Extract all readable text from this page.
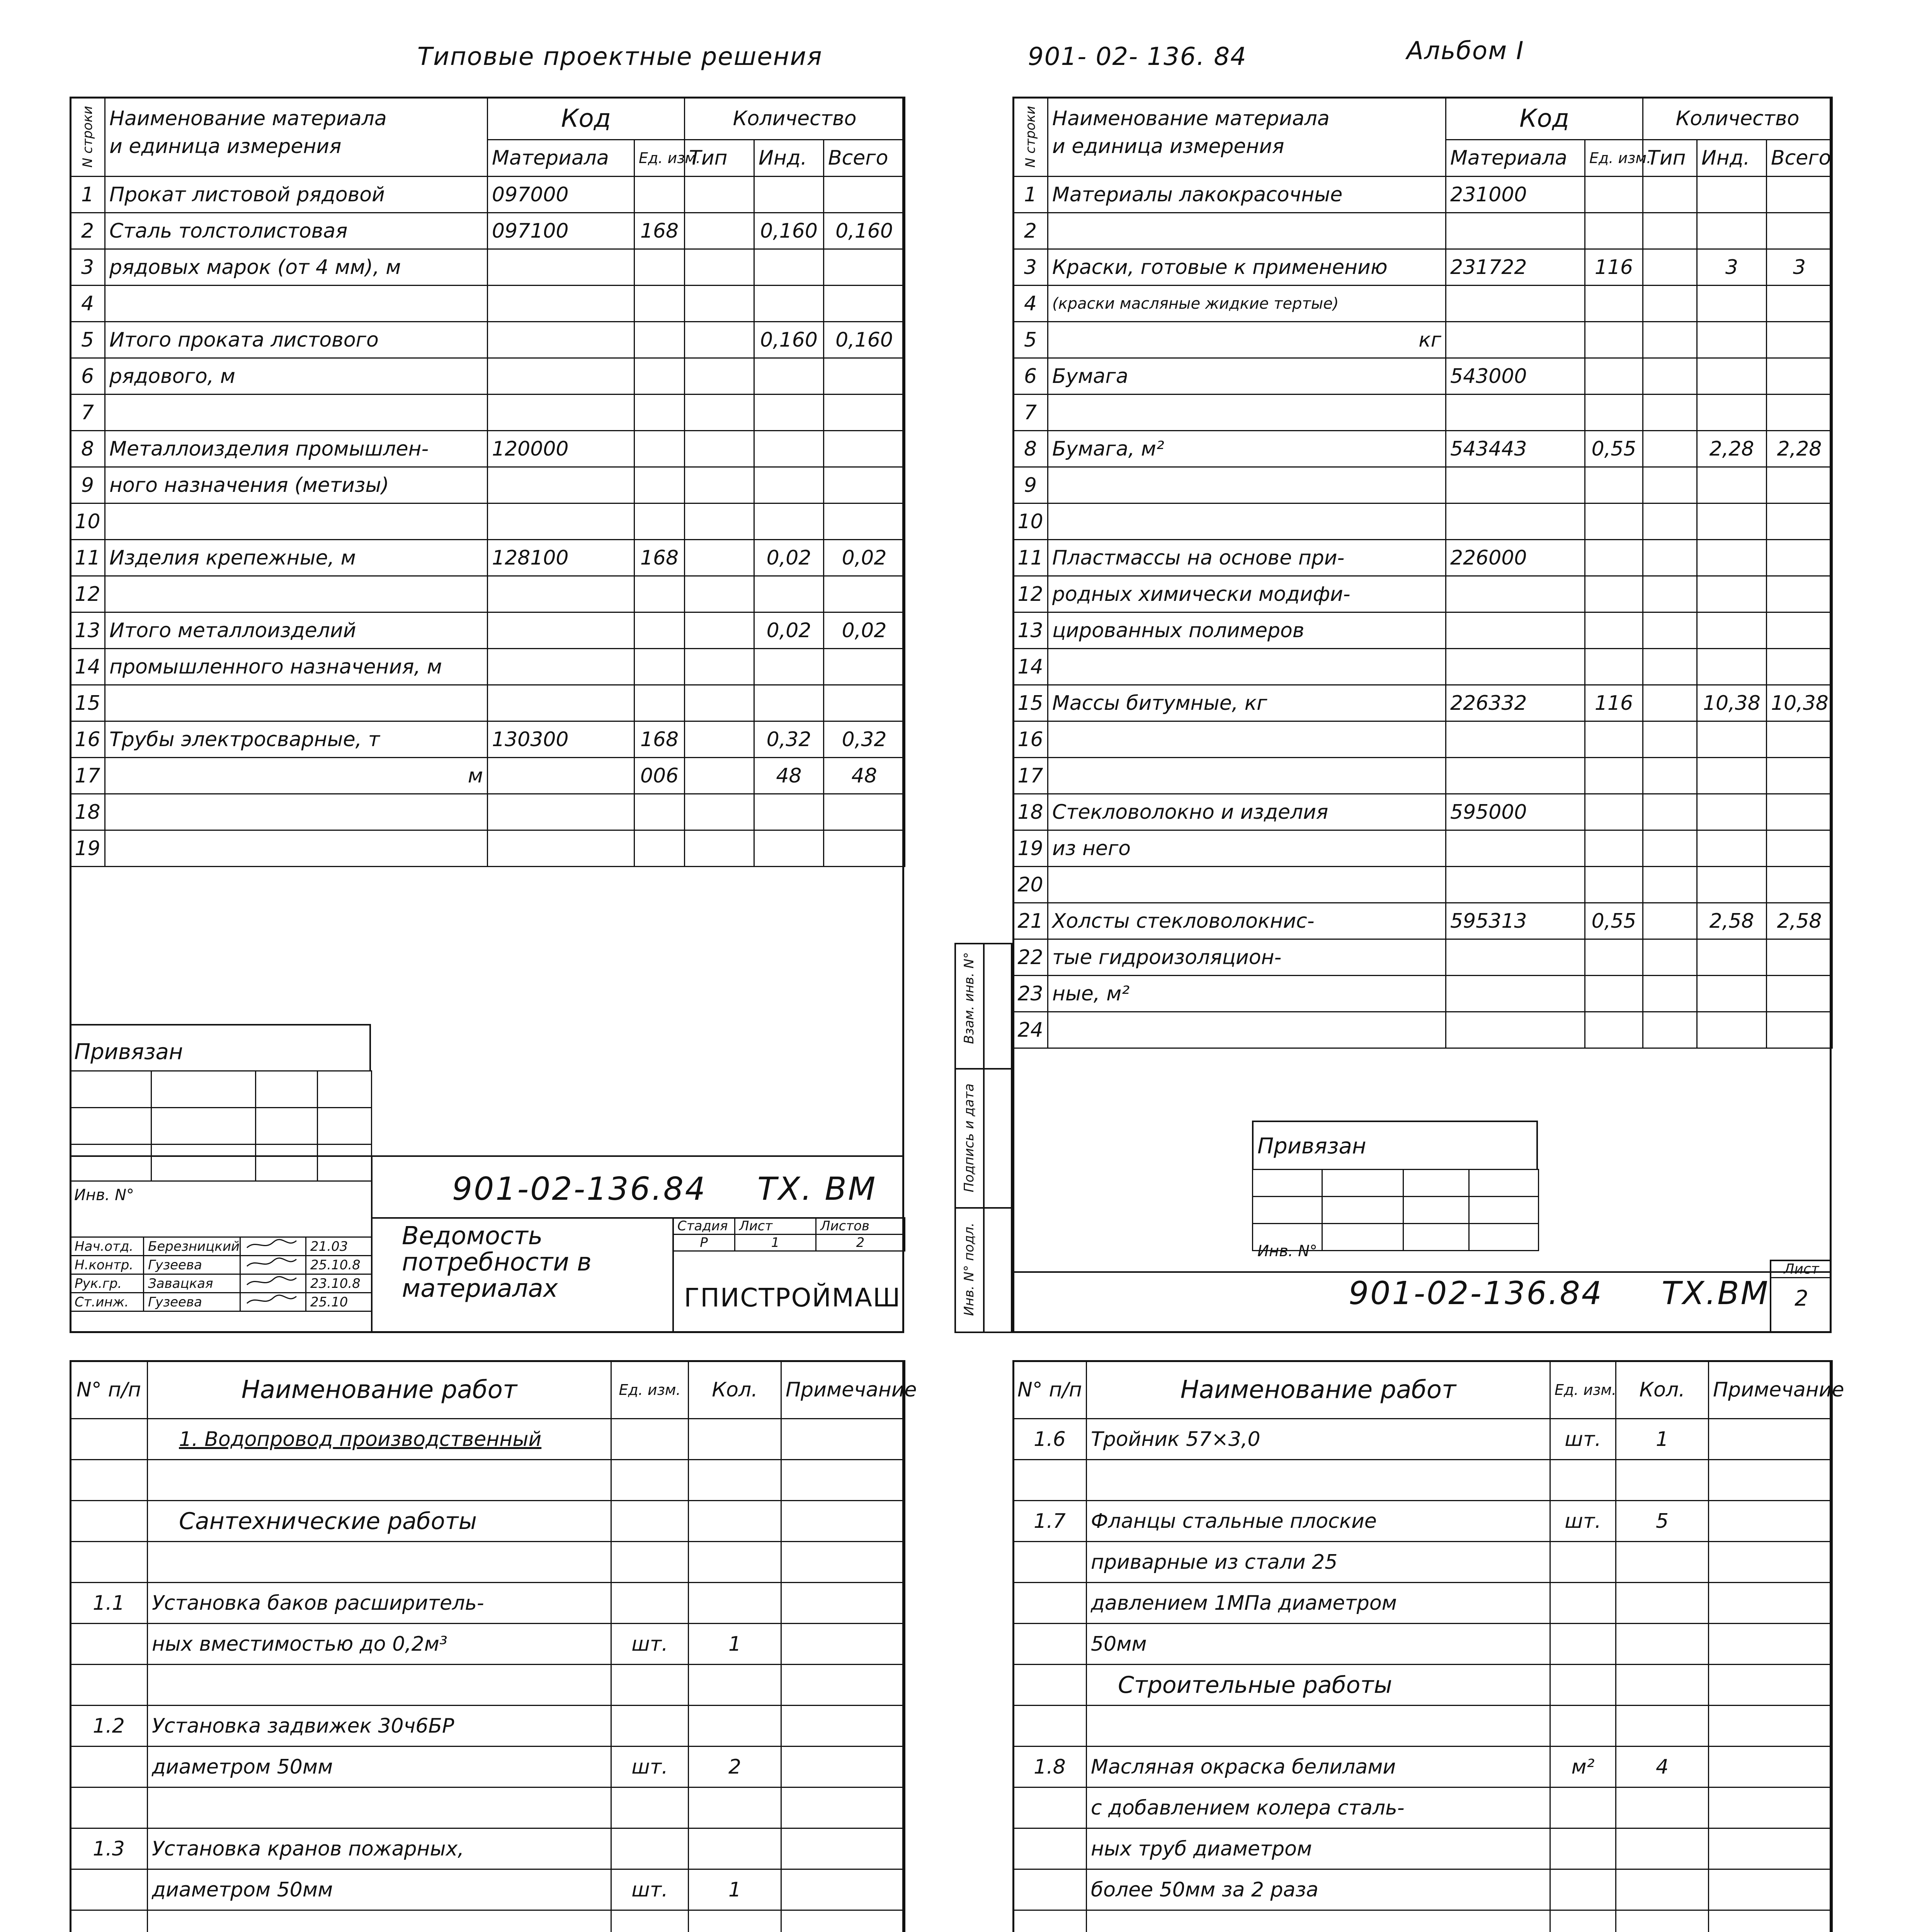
Типовые проектные решения	901- 02- 136. 84	Альбом I
N строки	Наименование материала
и единица измерения	Код		Количество		
		Материала	Ед. изм.	Тип	Инд.	Всего
1	Прокат листовой рядовой	097000				
2	Сталь толстолистовая	097100	168		0,160	0,160
3	рядовых марок (от 4 мм), м					
4						
5	Итого проката листового				0,160	0,160
6	рядового, м					
7						
8	Металлоизделия промышлен-	120000				
9	ного назначения (метизы)					
10						
11	Изделия крепежные, м	128100	168		0,02	0,02
12						
13	Итого металлоизделий				0,02	0,02
14	промышленного назначения, м					
15						
16	Трубы электросварные, т	130300	168		0,32	0,32
17	м		006		48	48
18						
19						
Привязан

Инв. N°	901-02-136.84 ТХ. ВМ
Ведомость
потребности в
материалах
Стадия	Лист	Листов
Р	1	2
ГПИСТРОЙМАШ
Нач.отд.	Березницкий		21.03
Н.контр.	Гузеева		25.10.8
Рук.гр.	Завацкая		23.10.8
Ст.инж.	Гузеева		25.10
N строки	Наименование материала
и единица измерения	Код		Количество		
		Материала	Ед. изм.	Тип	Инд.	Всего
1	Материалы лакокрасочные	231000				
2						
3	Краски, готовые к применению	231722	116		3	3
4	(краски масляные жидкие тертые)					
5	кг					
6	Бумага	543000				
7						
8	Бумага, м²	543443	0,55		2,28	2,28
9						
10						
11	Пластмассы на основе при-	226000				
12	родных химически модифи-					
13	цированных полимеров					
14						
15	Массы битумные, кг	226332	116		10,38	10,38
16						
17						
18	Стекловолокно и изделия	595000				
19	из него					
20						
21	Холсты стекловолокнис-	595313	0,55		2,58	2,58
22	тые гидроизоляцион-					
23	ные, м²					
24						
Взам. инв. N°
Подпись и дата
Инв. N° подл.
Привязан

Инв. N°
901-02-136.84 ТХ.ВМ
Лист
2
N° п/п	Наименование работ	Ед. изм.	Кол.	Примечание
	1. Водопровод производственный			

	Сантехнические работы			

1.1	Установка баков расширитель-			
	ных вместимостью до 0,2м³	шт.	1	

1.2	Установка задвижек 30ч6БР			
	диаметром 50мм	шт.	2	

1.3	Установка кранов пожарных,			
	диаметром 50мм	шт.	1	

N° п/п	Наименование работ	Ед. изм.	Кол.	Примечание
1.6	Тройник 57×3,0	шт.	1	

1.7	Фланцы стальные плоские	шт.	5	
	приварные из стали 25			
	давлением 1МПа диаметром			
	50мм			
	Строительные работы			

1.8	Масляная окраска белилами	м²	4	
	с добавлением колера сталь-			
	ных труб диаметром			
	более 50мм за 2 раза			
